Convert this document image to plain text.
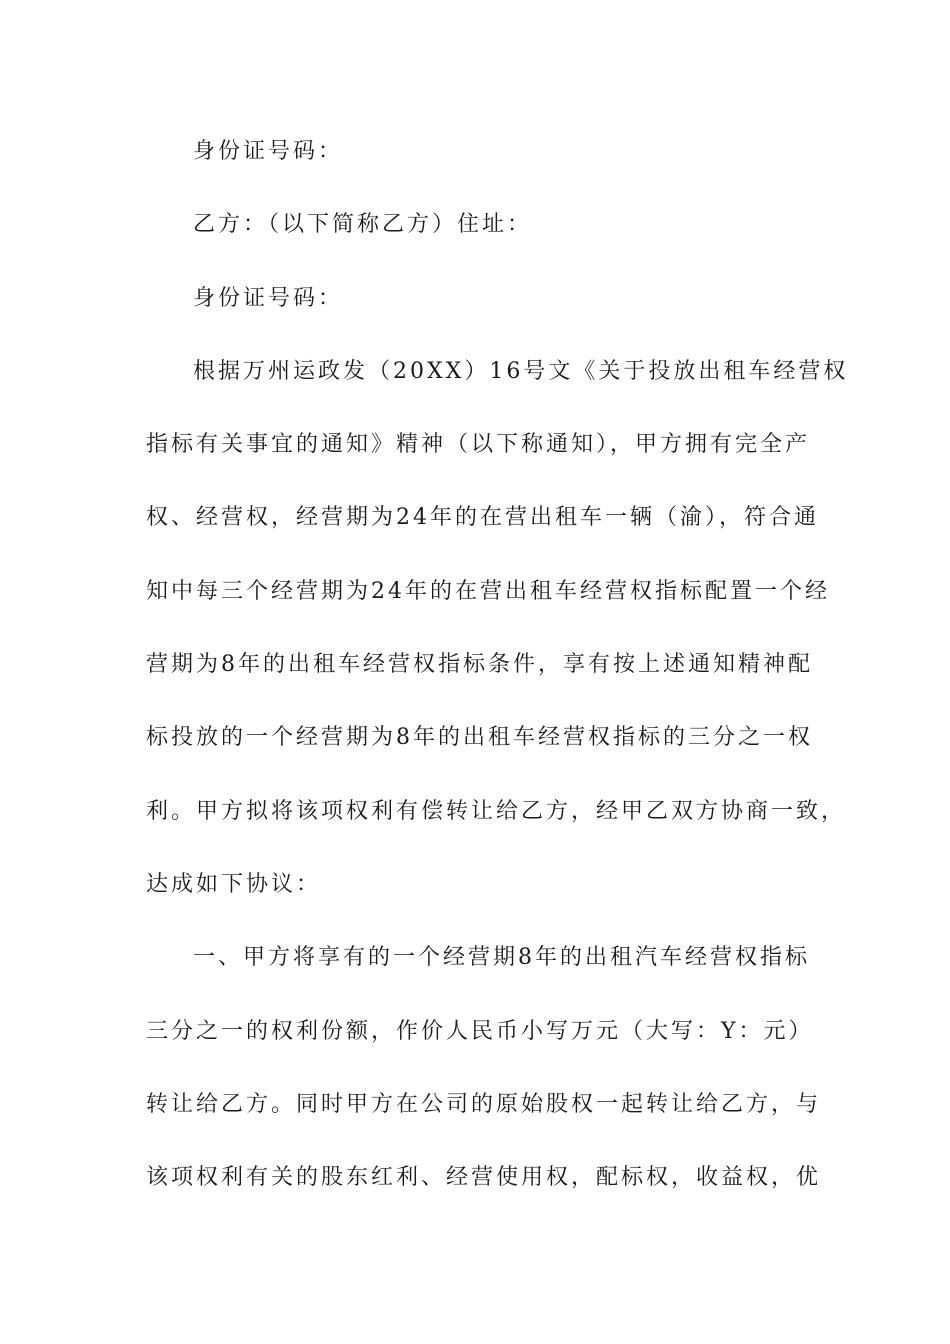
身份证号码：
乙方：（以下简称乙方）住址：
身份证号码：
根据万州运政发（20XX）16号文《关于投放出租车经营权
指标有关事宜的通知》精神（以下称通知），甲方拥有完全产
权、经营权，经营期为24年的在营出租车一辆（渝），符合通
知中每三个经营期为24年的在营出租车经营权指标配置一个经
营期为8年的出租车经营权指标条件，享有按上述通知精神配
标投放的一个经营期为8年的出租车经营权指标的三分之一权
利。甲方拟将该项权利有偿转让给乙方，经甲乙双方协商一致，
达成如下协议：
一、甲方将享有的一个经营期8年的出租汽车经营权指标
三分之一的权利份额，作价人民币小写万元（大写：Y：元）
转让给乙方。同时甲方在公司的原始股权一起转让给乙方，与
该项权利有关的股东红利、经营使用权，配标权，收益权，优
